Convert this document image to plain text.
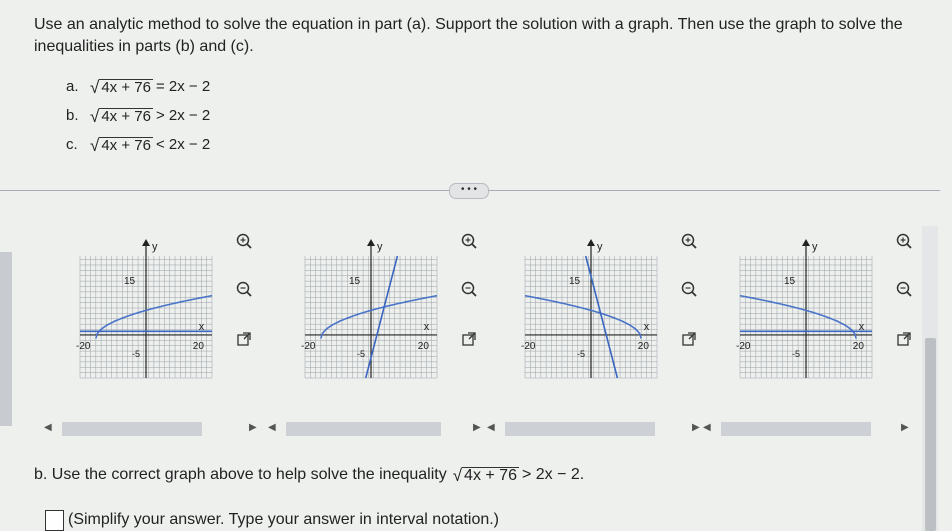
Use an analytic method to solve the equation in part (a). Support the solution with a graph. Then use the graph to solve the inequalities in parts (b) and (c).
a. √ 4x + 76 = 2x − 2
b. √ 4x + 76 > 2x − 2
c. √ 4x + 76 < 2x − 2
• • •
y
15
x
-20	20
-5
y
15
x
-20	20
-5
y
15
x
-20	20
-5
y
15
x
-20	20
-5
◀	▶ ◀	▶ ◀	▶ ◀	▶
b. Use the correct graph above to help solve the inequality √ 4x + 76 > 2x − 2.
(Simplify your answer. Type your answer in interval notation.)
